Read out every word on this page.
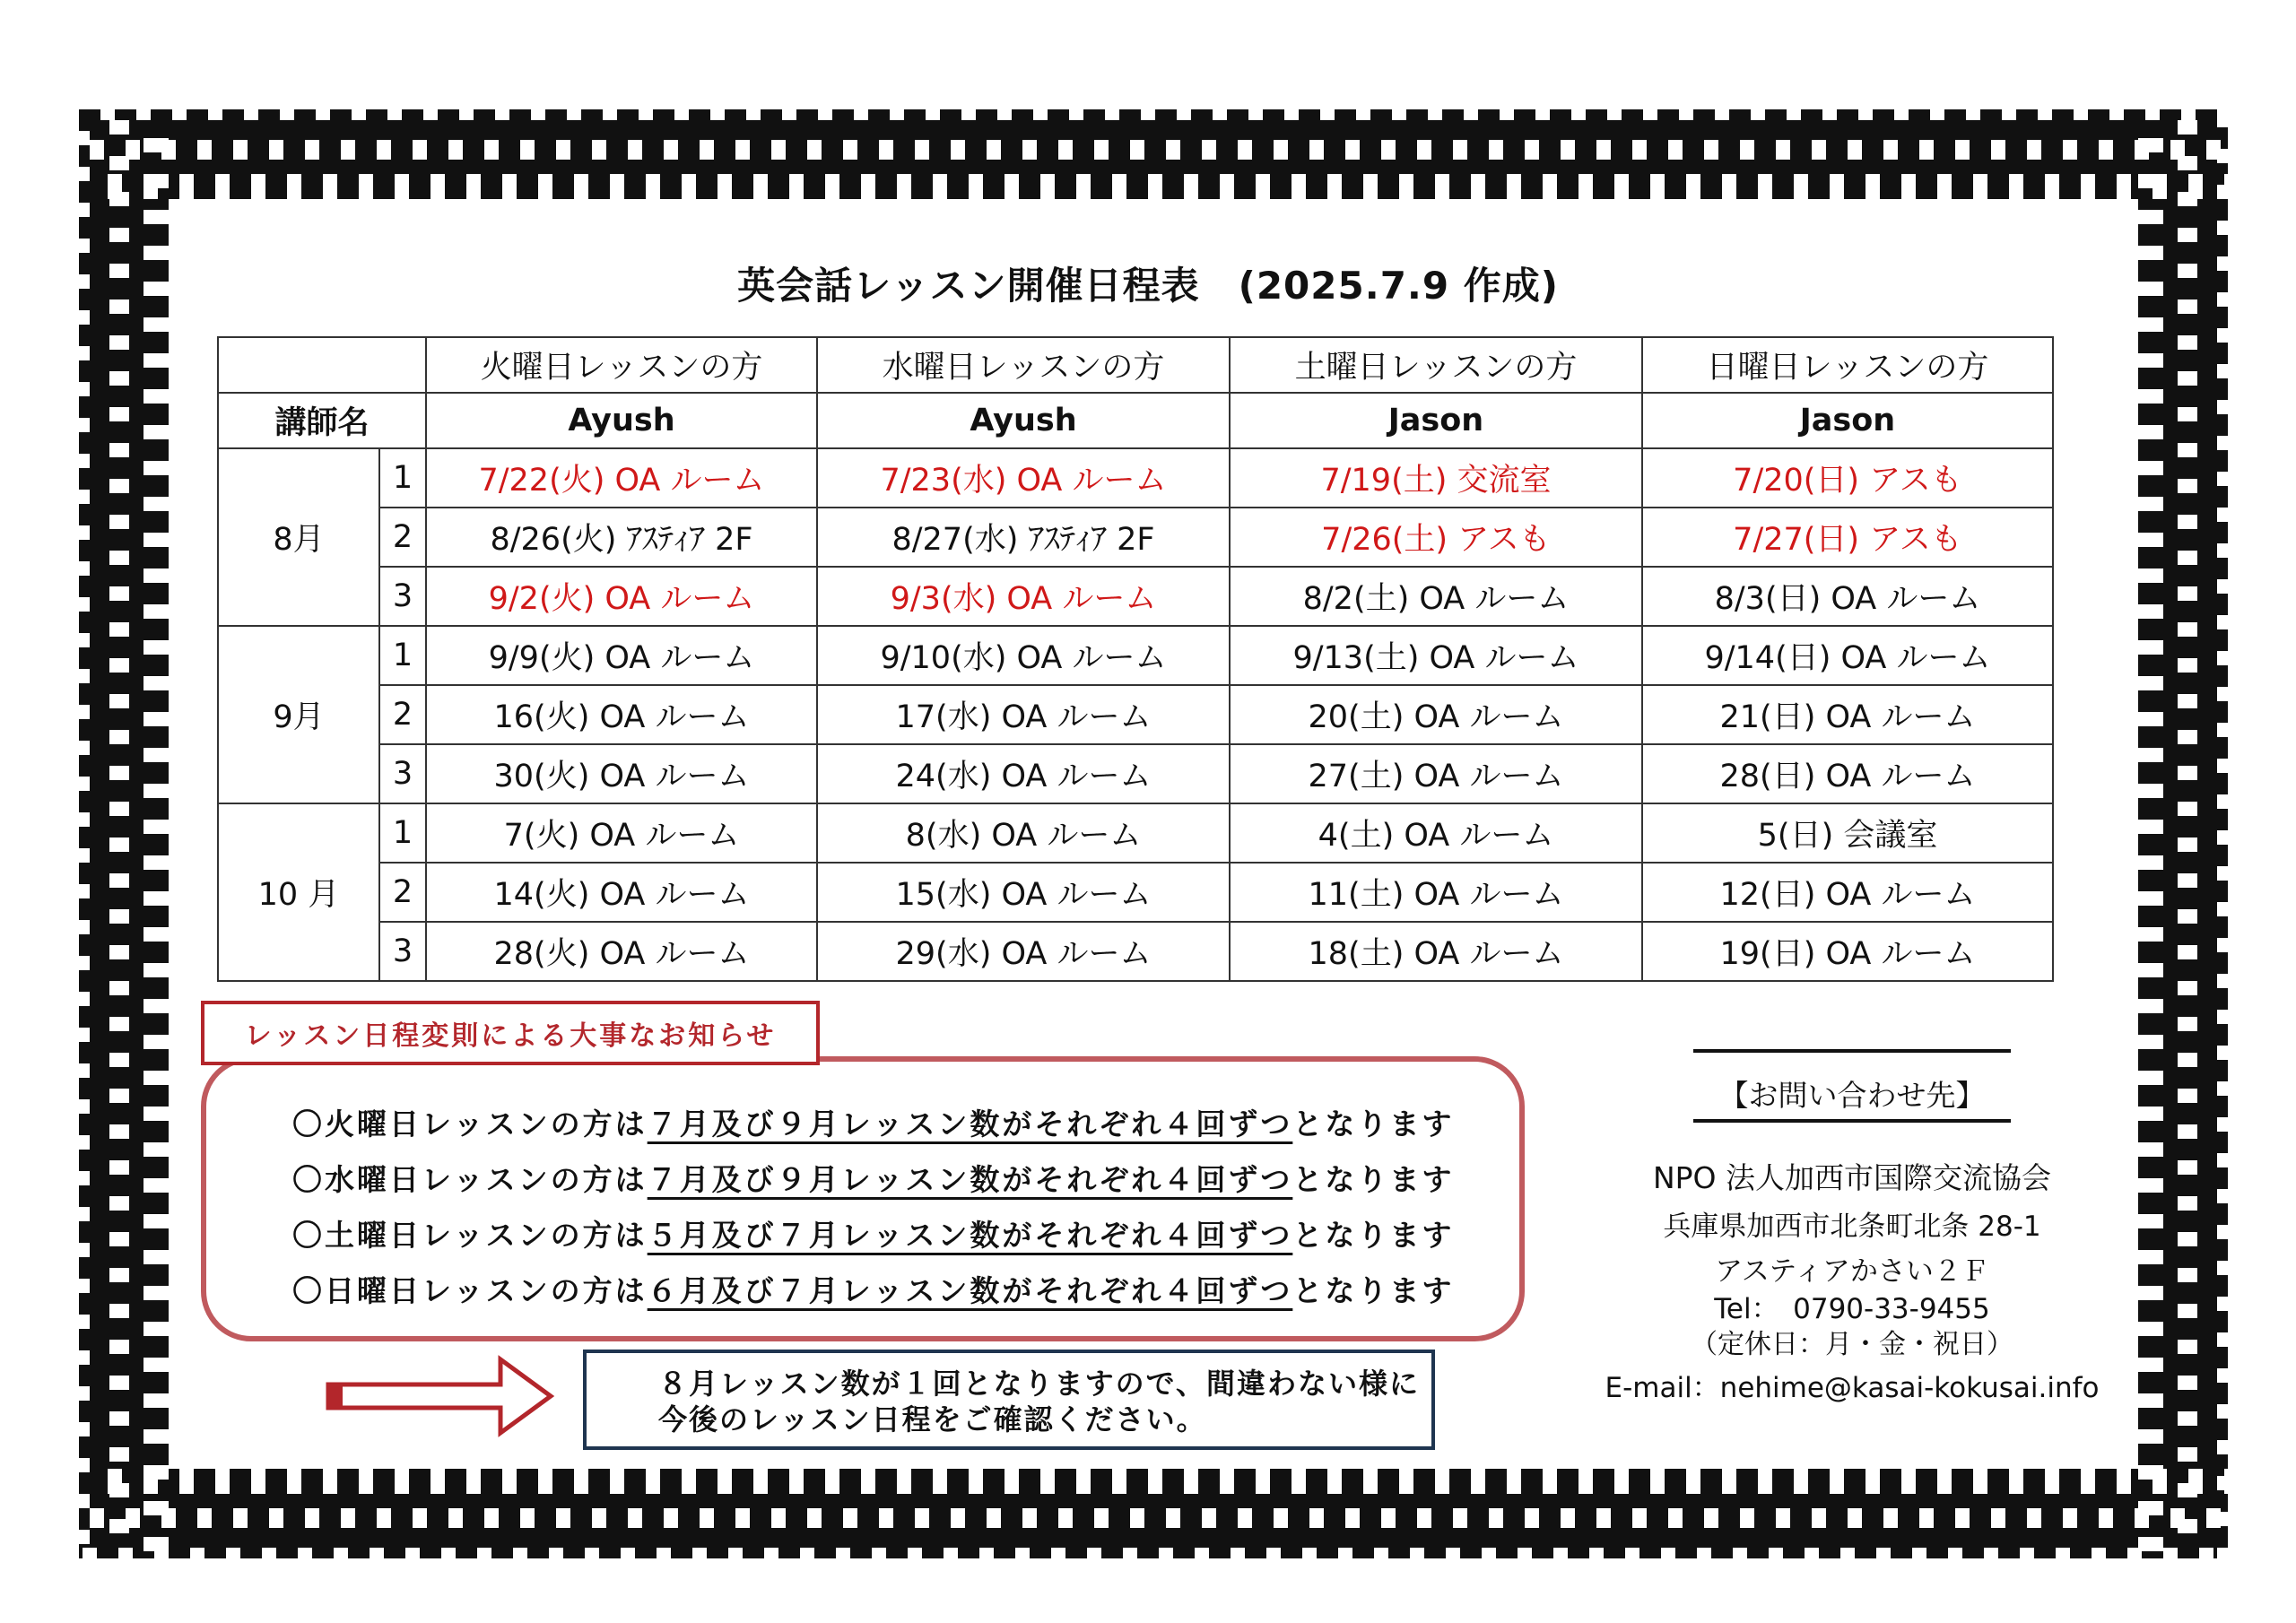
英会話レッスン開催日程表　(2025.7.9 作成)
		火曜日レッスンの方	水曜日レッスンの方	土曜日レッスンの方	日曜日レッスンの方
講師名		Ayush	Ayush	Jason	Jason
8月	1	7/22(火) OA ルーム	7/23(水) OA ルーム	7/19(土) 交流室	7/20(日) アスも
	2	8/26(火) ｱｽﾃｨｱ 2F	8/27(水) ｱｽﾃｨｱ 2F	7/26(土) アスも	7/27(日) アスも
	3	9/2(火) OA ルーム	9/3(水) OA ルーム	8/2(土) OA ルーム	8/3(日) OA ルーム
9月	1	9/9(火) OA ルーム	9/10(水) OA ルーム	9/13(土) OA ルーム	9/14(日) OA ルーム
	2	16(火) OA ルーム	17(水) OA ルーム	20(土) OA ルーム	21(日) OA ルーム
	3	30(火) OA ルーム	24(水) OA ルーム	27(土) OA ルーム	28(日) OA ルーム
10 月	1	7(火) OA ルーム	8(水) OA ルーム	4(土) OA ルーム	5(日) 会議室
	2	14(火) OA ルーム	15(水) OA ルーム	11(土) OA ルーム	12(日) OA ルーム
	3	28(火) OA ルーム	29(水) OA ルーム	18(土) OA ルーム	19(日) OA ルーム
レッスン日程変則による大事なお知らせ
〇火曜日レッスンの方は７月及び９月レッスン数がそれぞれ４回ずつとなります
〇水曜日レッスンの方は７月及び９月レッスン数がそれぞれ４回ずつとなります
〇土曜日レッスンの方は５月及び７月レッスン数がそれぞれ４回ずつとなります
〇日曜日レッスンの方は６月及び７月レッスン数がそれぞれ４回ずつとなります
８月レッスン数が１回となりますので、間違わない様に
今後のレッスン日程をご確認ください。
【お問い合わせ先】
NPO 法人加西市国際交流協会
兵庫県加西市北条町北条 28-1
アスティアかさい２Ｆ
Tel：　0790-33-9455
（定休日：月・金・祝日）
E-mail：nehime@kasai-kokusai.info
